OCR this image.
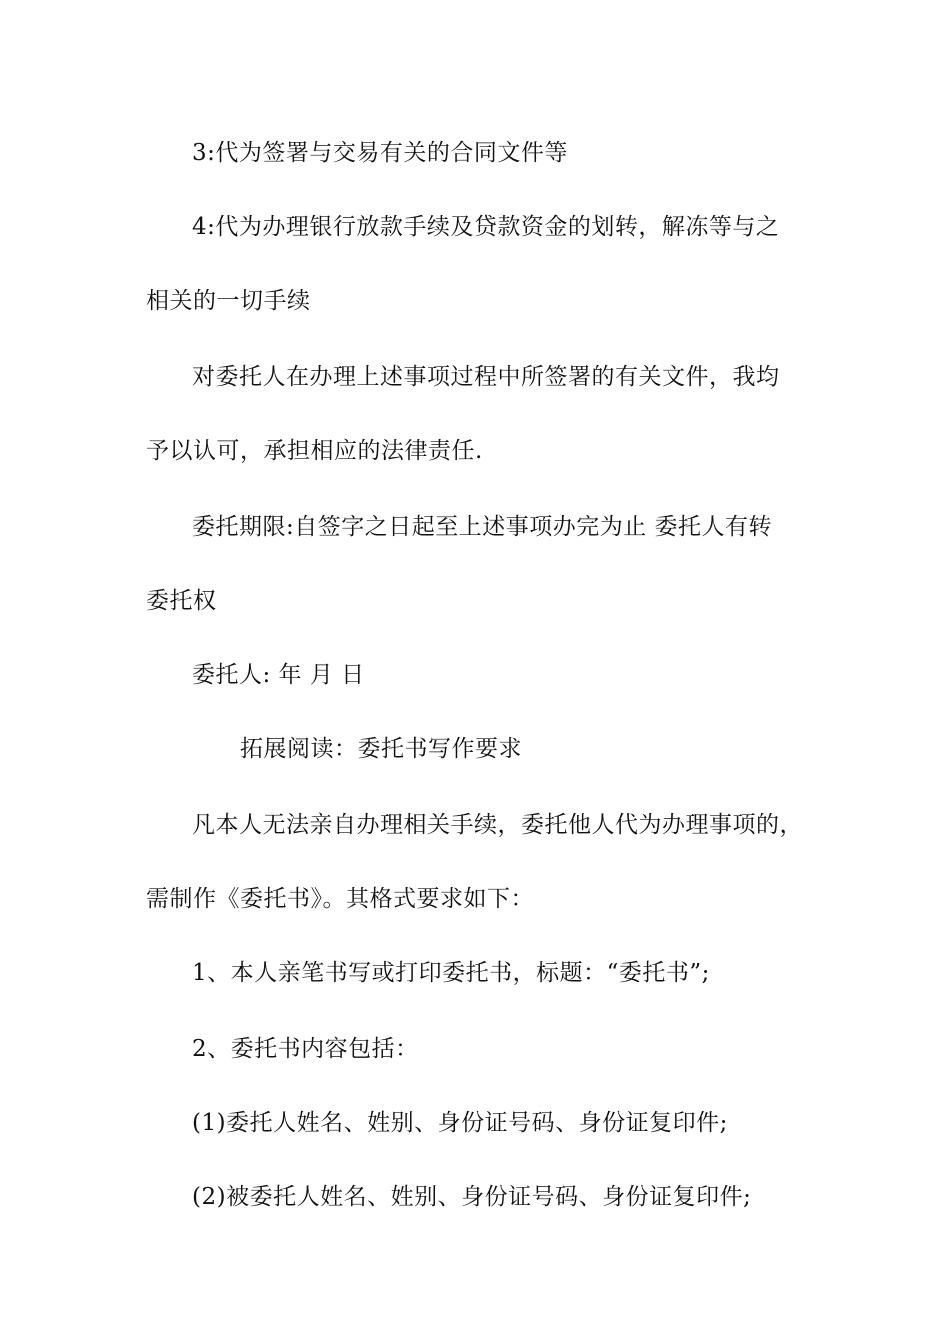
3:代为签署与交易有关的合同文件等
4:代为办理银行放款手续及贷款资金的划转，解冻等与之
相关的一切手续
对委托人在办理上述事项过程中所签署的有关文件，我均
予以认可，承担相应的法律责任.
委托期限:自签字之日起至上述事项办完为止 委托人有转
委托权
委托人: 年 月 日
拓展阅读：委托书写作要求
凡本人无法亲自办理相关手续，委托他人代为办理事项的，
需制作《委托书》。其格式要求如下：
1、本人亲笔书写或打印委托书，标题：“委托书”;
2、委托书内容包括：
(1)委托人姓名、姓别、身份证号码、身份证复印件;
(2)被委托人姓名、姓别、身份证号码、身份证复印件;
